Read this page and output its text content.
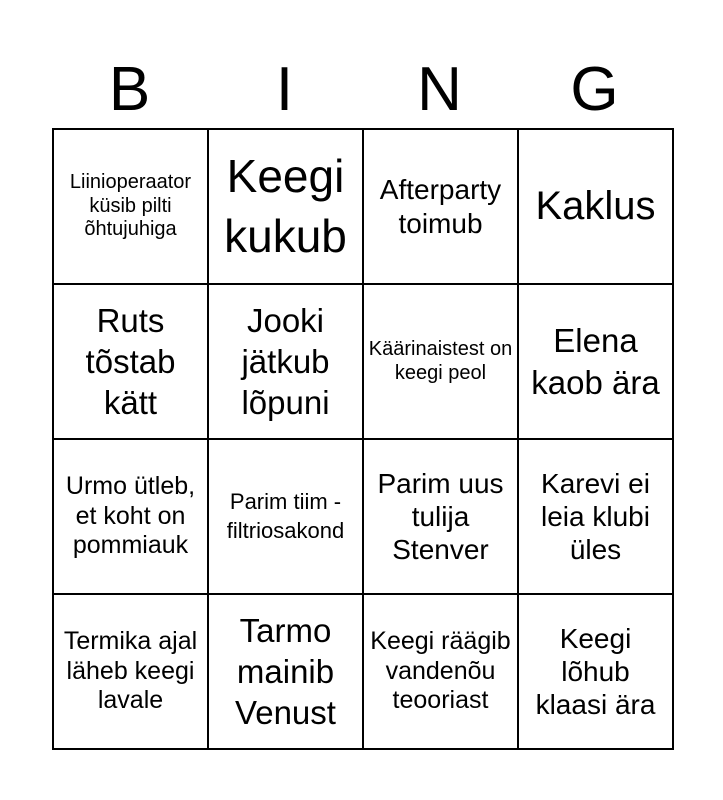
B	I	N	G
Liinioperaator küsib pilti õhtujuhiga	Keegi kukub	Afterparty toimub	Kaklus
Ruts tõstab kätt	Jooki jätkub lõpuni	Käärinaistest on keegi peol	Elena kaob ära
Urmo ütleb, et koht on pommiauk	Parim tiim - filtriosakond	Parim uus tulija Stenver	Karevi ei leia klubi üles
Termika ajal läheb keegi lavale	Tarmo mainib Venust	Keegi räägib vandenõu teooriast	Keegi lõhub klaasi ära
